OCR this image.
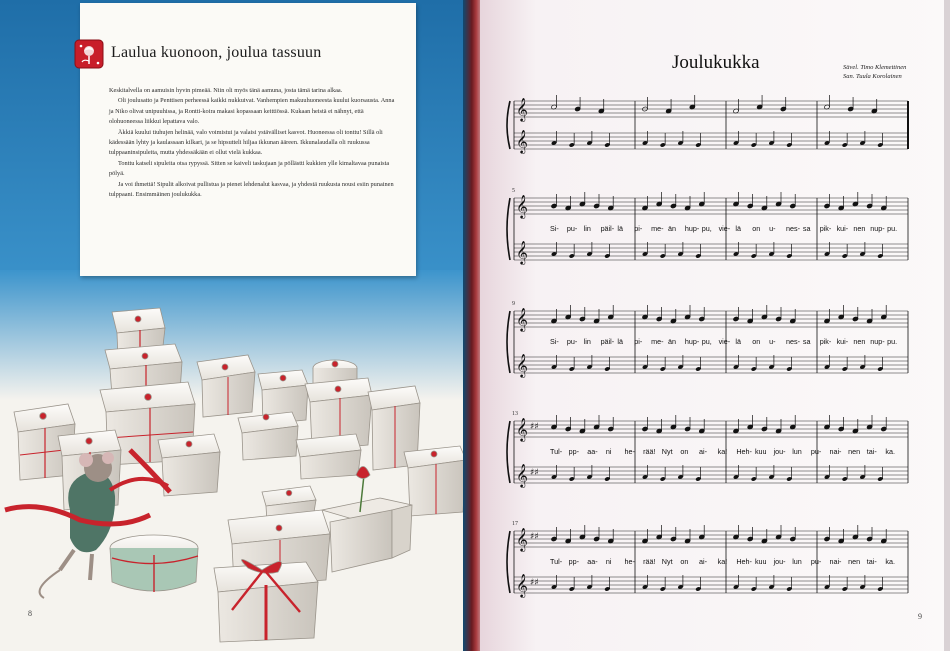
Laulua kuonoon, joulua tassuun

Keskitalvella on aamuisin hyvin pimeää. Niin oli myös tänä aamuna, josta tämä tarina alkaa.

Oli joulusatto ja Penttisen perheessä kaikki nukkuivat. Vanhempien makuuhuoneesta kuului kuorsausta. Anna ja Niko olivat unipuuhissa, ja Rontti-koira makasi kopassaan keittiössä. Kukaan heistä ei nähnyt, että olohuoneessa liikkui lepattava valo.

Äkkiä kuului tiuhujen helinää, valo voimistui ja valaisi ystävälliset kasvot. Huoneessa oli tonttu! Sillä oli kädessään lyhty ja kaulassaan kilkari, ja se hipsutteli hiljaa ikkunan ääreen. Ikkunalaudalla oli ruukussa tulppaaninsipuleita, mutta yhdessäkään ei ollut vielä kukkaa.

Tonttu katseli sipuleita otsa rypyssä. Sitten se kaiveli taskujaan ja pöllästti kukkien ylle kimaltavaa punaista pölyä.

Ja voi ihmettä! Sipulit alkoivat pullistua ja pienet lehdenalut kasvaa, ja yhdestä ruukusta nousi esiin punainen tulppaani. Ensimmäinen joulukukka.

8
Joulukukka	Sävel. Timo Klemettinen
San. Tuula Korolainen
𝄞
𝄞
𝄞
𝄞
5
Si- pu- lin päil- lä pi- me- än hup- pu, vie- lä on u- nes- sa pik- kui- nen nup- pu.
𝄞
𝄞
9
Si- pu- lin päil- lä pi- me- än hup- pu, vie- lä on u- nes- sa pik- kui- nen nup- pu.
𝄞 ♯♯
𝄞 ♯♯
13
Tul- pp- aa- ni he- rää! Nyt on ai- ka! Heh- kuu jou- lun pu- nai- nen tai- ka.
𝄞 ♯♯
𝄞 ♯♯
17
Tul- pp- aa- ni he- rää! Nyt on ai- ka! Heh- kuu jou- lun pu- nai- nen tai- ka.
9
